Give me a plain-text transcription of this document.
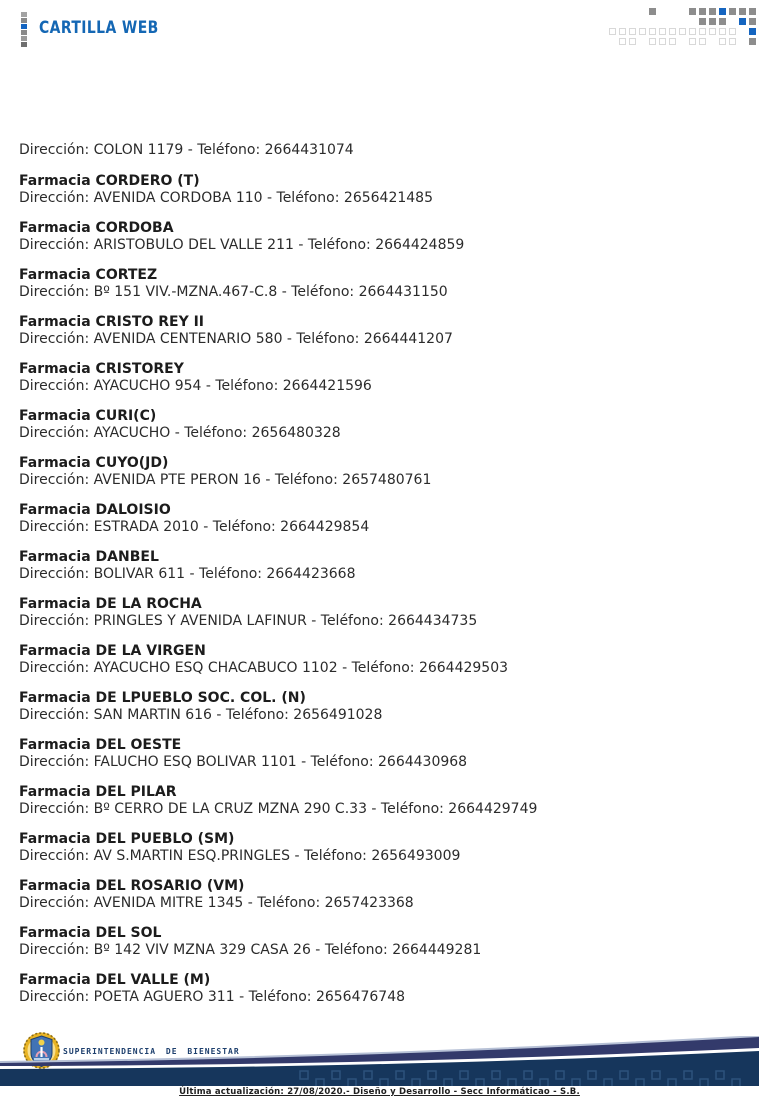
CARTILLA WEB

Dirección: COLON 1179 - Teléfono: 2664431074

Farmacia CORDERO (T)

Dirección: AVENIDA CORDOBA 110 - Teléfono: 2656421485

Farmacia CORDOBA

Dirección: ARISTOBULO DEL VALLE 211 - Teléfono: 2664424859

Farmacia CORTEZ

Dirección: Bº 151 VIV.-MZNA.467-C.8 - Teléfono: 2664431150

Farmacia CRISTO REY II

Dirección: AVENIDA CENTENARIO 580 - Teléfono: 2664441207

Farmacia CRISTOREY

Dirección: AYACUCHO 954 - Teléfono: 2664421596

Farmacia CURI(C)

Dirección: AYACUCHO - Teléfono: 2656480328

Farmacia CUYO(JD)

Dirección: AVENIDA PTE PERON 16 - Teléfono: 2657480761

Farmacia DALOISIO

Dirección: ESTRADA 2010 - Teléfono: 2664429854

Farmacia DANBEL

Dirección: BOLIVAR 611 - Teléfono: 2664423668

Farmacia DE LA ROCHA

Dirección: PRINGLES Y AVENIDA LAFINUR - Teléfono: 2664434735

Farmacia DE LA VIRGEN

Dirección: AYACUCHO ESQ CHACABUCO 1102 - Teléfono: 2664429503

Farmacia DE LPUEBLO SOC. COL. (N)

Dirección: SAN MARTIN 616 - Teléfono: 2656491028

Farmacia DEL OESTE

Dirección: FALUCHO ESQ BOLIVAR 1101 - Teléfono: 2664430968

Farmacia DEL PILAR

Dirección: Bº CERRO DE LA CRUZ MZNA 290 C.33 - Teléfono: 2664429749

Farmacia DEL PUEBLO (SM)

Dirección: AV S.MARTIN ESQ.PRINGLES - Teléfono: 2656493009

Farmacia DEL ROSARIO (VM)

Dirección: AVENIDA MITRE 1345 - Teléfono: 2657423368

Farmacia DEL SOL

Dirección: Bº 142 VIV MZNA 329 CASA 26 - Teléfono: 2664449281

Farmacia DEL VALLE (M)

Dirección: POETA AGUERO 311 - Teléfono: 2656476748

SUPERINTENDENCIA DE BIENESTAR
Última actualización: 27/08/2020.- Diseño y Desarrollo - Secc Informáticao - S.B.
